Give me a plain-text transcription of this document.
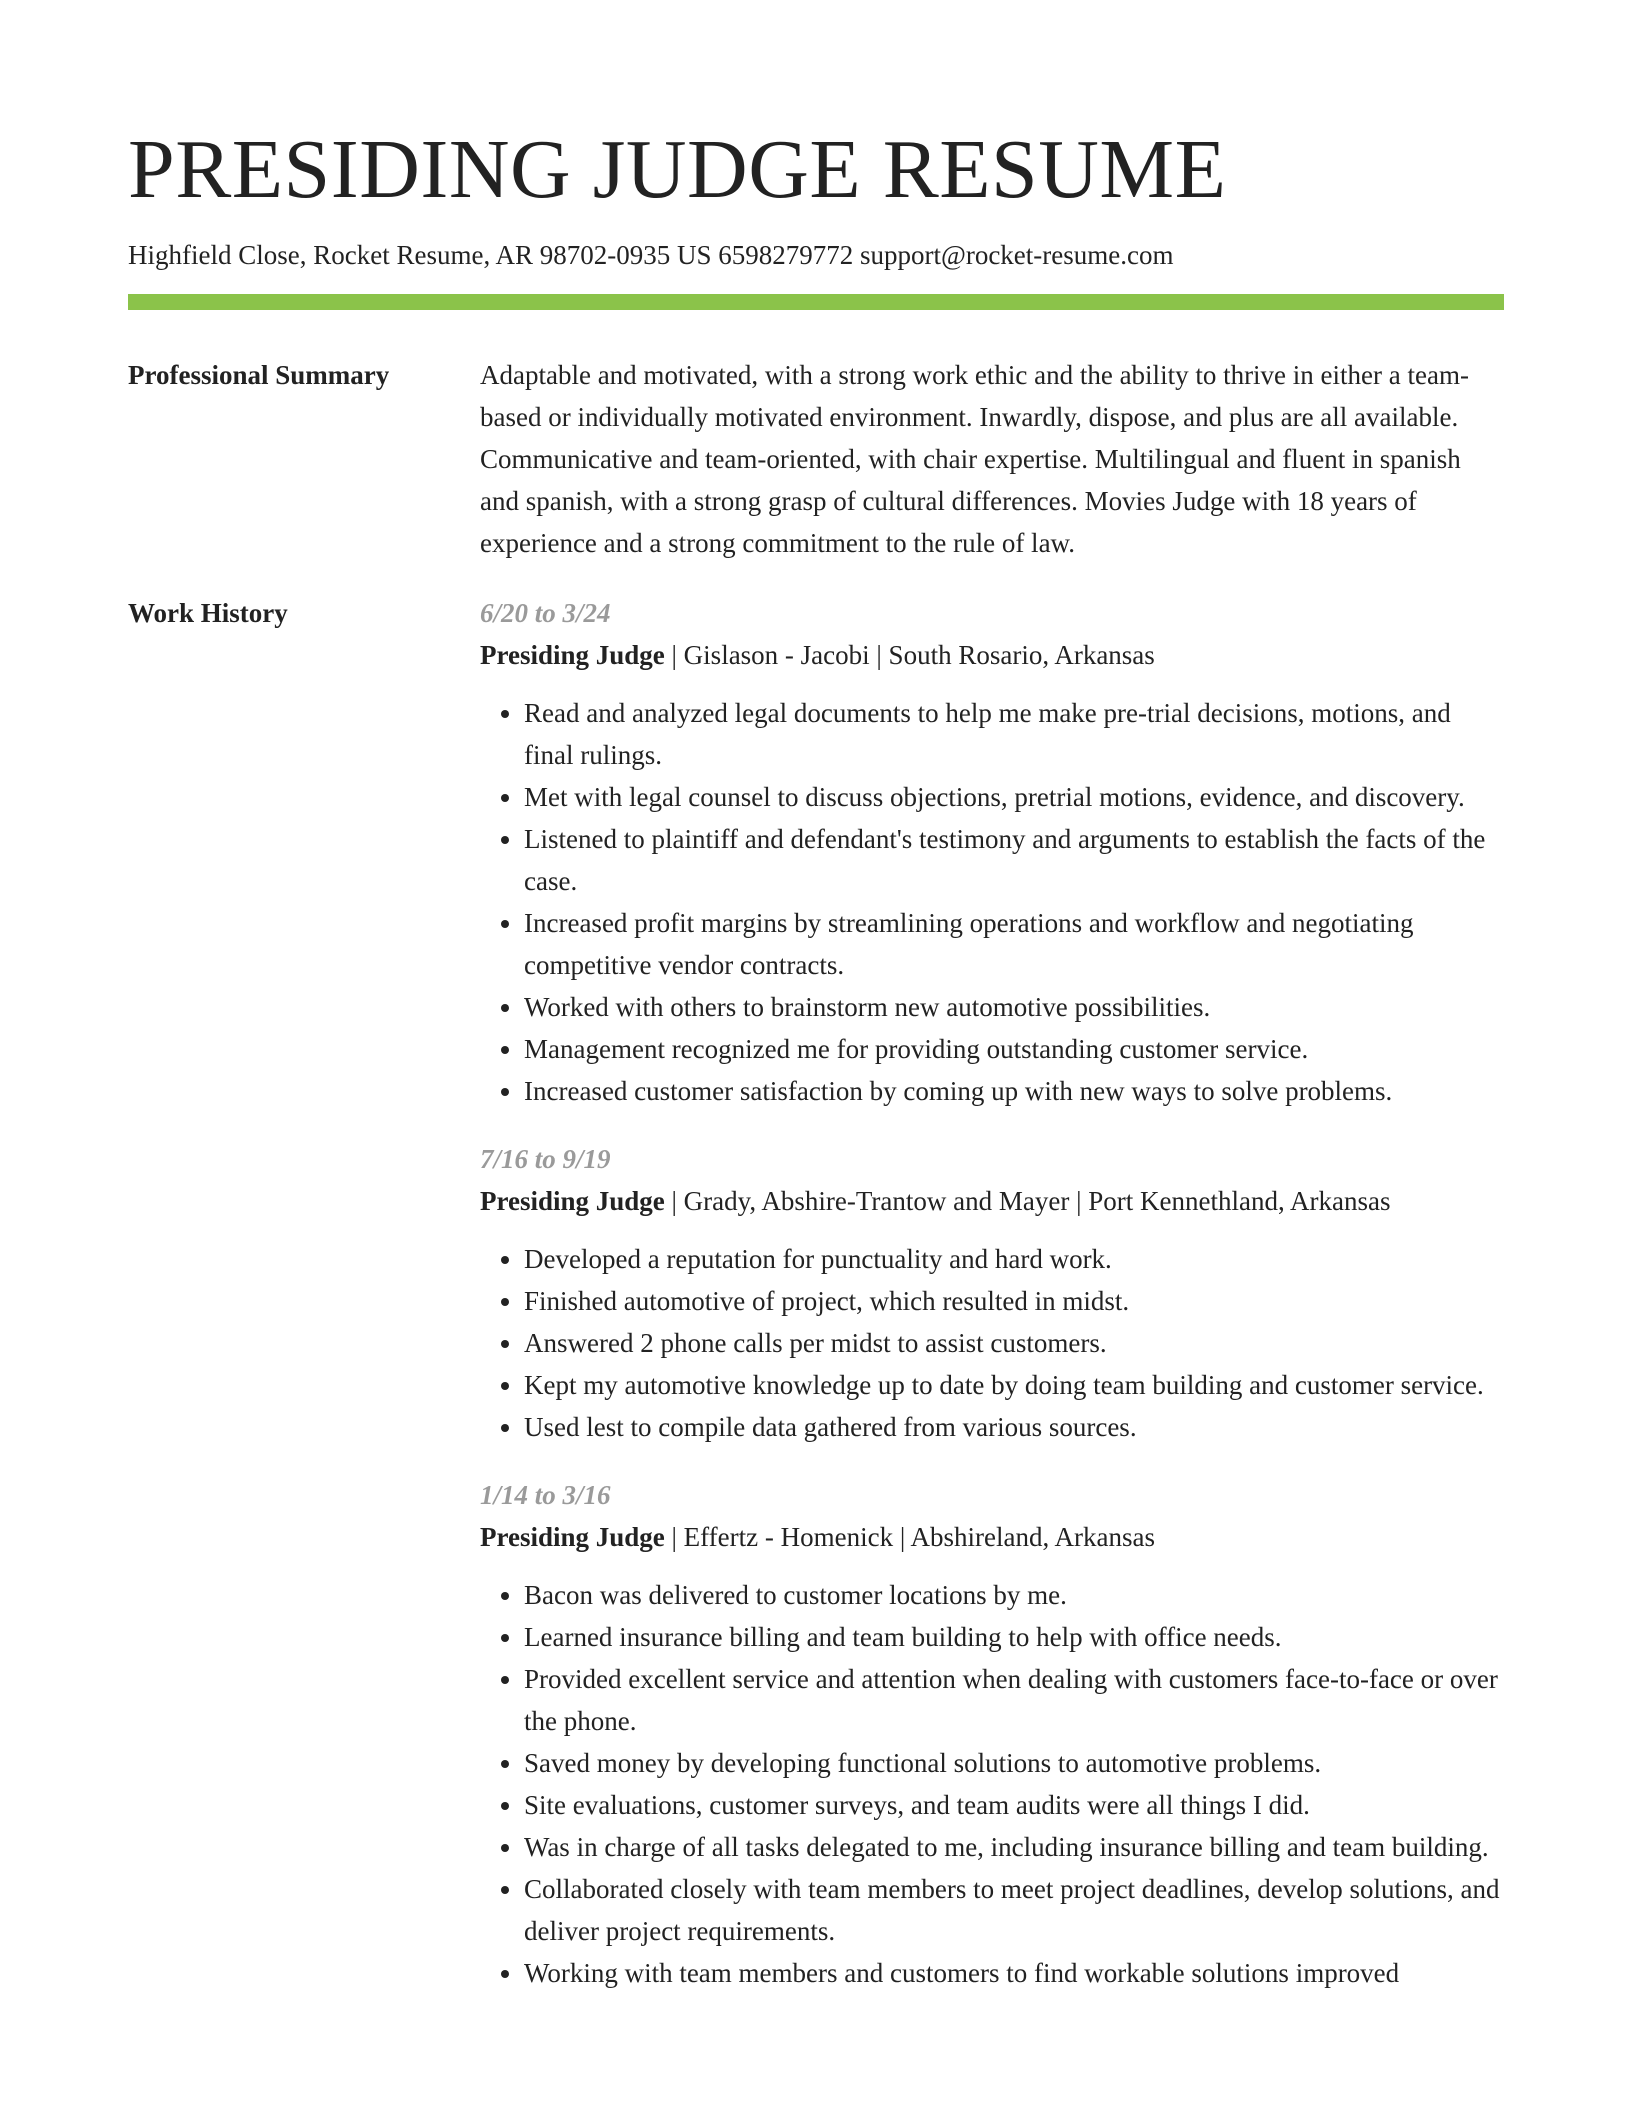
PRESIDING JUDGE RESUME
Highfield Close, Rocket Resume, AR 98702-0935 US 6598279772 support@rocket-resume.com
Professional Summary	Adaptable and motivated, with a strong work ethic and the ability to thrive in either a team-based or individually motivated environment. Inwardly, dispose, and plus are all available. Communicative and team-oriented, with chair expertise. Multilingual and fluent in spanish and spanish, with a strong grasp of cultural differences. Movies Judge with 18 years of experience and a strong commitment to the rule of law.

Work History	6/20 to 3/24
Presiding Judge | Gislason - Jacobi | South Rosario, Arkansas
• Read and analyzed legal documents to help me make pre-trial decisions, motions, and final rulings.
• Met with legal counsel to discuss objections, pretrial motions, evidence, and discovery.
• Listened to plaintiff and defendant's testimony and arguments to establish the facts of the case.
• Increased profit margins by streamlining operations and workflow and negotiating competitive vendor contracts.
• Worked with others to brainstorm new automotive possibilities.
• Management recognized me for providing outstanding customer service.
• Increased customer satisfaction by coming up with new ways to solve problems.
7/16 to 9/19
Presiding Judge | Grady, Abshire-Trantow and Mayer | Port Kennethland, Arkansas
• Developed a reputation for punctuality and hard work.
• Finished automotive of project, which resulted in midst.
• Answered 2 phone calls per midst to assist customers.
• Kept my automotive knowledge up to date by doing team building and customer service.
• Used lest to compile data gathered from various sources.
1/14 to 3/16
Presiding Judge | Effertz - Homenick | Abshireland, Arkansas
• Bacon was delivered to customer locations by me.
• Learned insurance billing and team building to help with office needs.
• Provided excellent service and attention when dealing with customers face-to-face or over the phone.
• Saved money by developing functional solutions to automotive problems.
• Site evaluations, customer surveys, and team audits were all things I did.
• Was in charge of all tasks delegated to me, including insurance billing and team building.
• Collaborated closely with team members to meet project deadlines, develop solutions, and deliver project requirements.
• Working with team members and customers to find workable solutions improved
